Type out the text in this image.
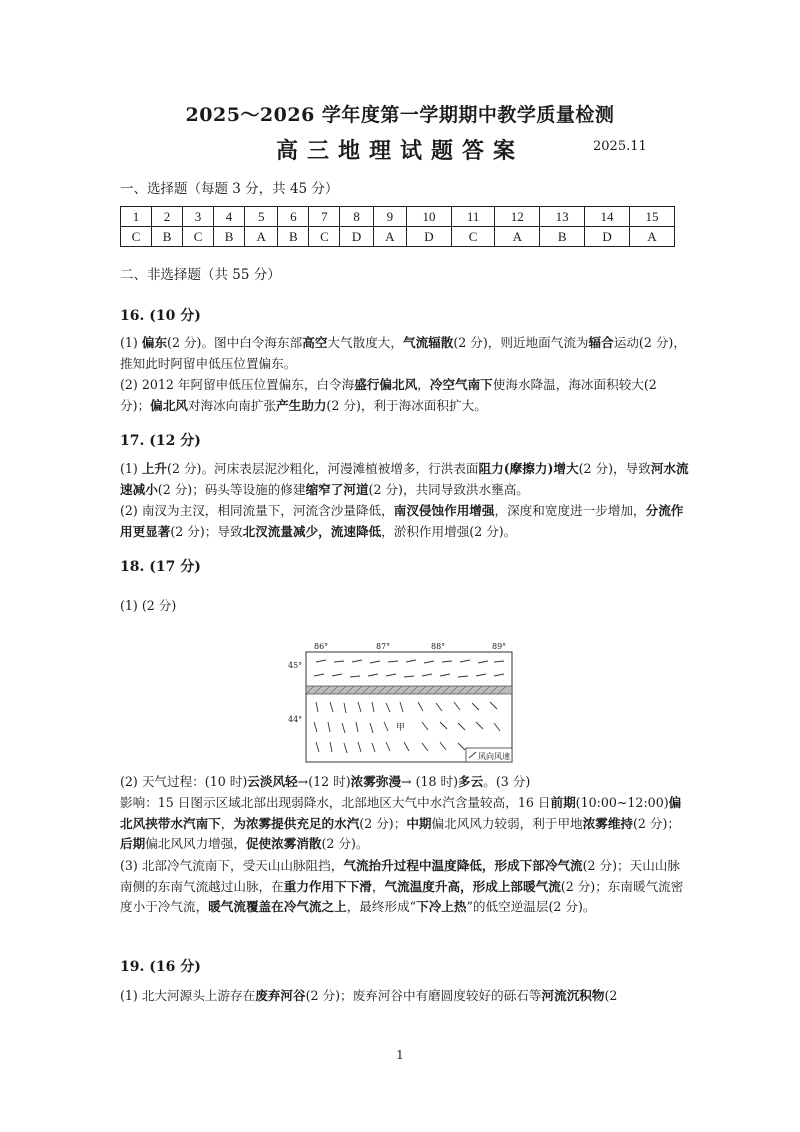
2025～2026 学年度第一学期期中教学质量检测
高三地理试题答案	2025.11
一、选择题（每题 3 分，共 45 分）
1	2	3	4	5	6	7	8	9	10	11	12	13	14	15
C	B	C	B	A	B	C	D	A	D	C	A	B	D	A
二、非选择题（共 55 分）
16. (10 分)
(1) 偏东(2 分)。图中白令海东部高空大气散度大，气流辐散(2 分)，则近地面气流为辐合运动(2 分)，推知此时阿留申低压位置偏东。
(2) 2012 年阿留申低压位置偏东，白令海盛行偏北风，冷空气南下使海水降温，海冰面积较大(2 分)；偏北风对海冰向南扩张产生助力(2 分)，利于海冰面积扩大。
17. (12 分)
(1) 上升(2 分)。河床表层泥沙粗化，河漫滩植被增多，行洪表面阻力(摩擦力)增大(2 分)，导致河水流速减小(2 分)；码头等设施的修建缩窄了河道(2 分)，共同导致洪水壅高。
(2) 南汊为主汊，相同流量下，河流含沙量降低，南汊侵蚀作用增强，深度和宽度进一步增加，分流作用更显著(2 分)；导致北汊流量减少，流速降低，淤积作用增强(2 分)。
18. (17 分)
(1) (2 分)
86°	87°	88°	89°
45°
44°
甲
风向风速
(2) 天气过程：(10 时)云淡风轻→(12 时)浓雾弥漫→ (18 时)多云。(3 分)
影响：15 日图示区域北部出现弱降水，北部地区大气中水汽含量较高，16 日前期(10:00~12:00)偏北风挟带水汽南下，为浓雾提供充足的水汽(2 分)；中期偏北风风力较弱，利于甲地浓雾维持(2 分)；后期偏北风风力增强，促使浓雾消散(2 分)。
(3) 北部冷气流南下，受天山山脉阻挡，气流抬升过程中温度降低，形成下部冷气流(2 分)；天山山脉南侧的东南气流越过山脉，在重力作用下下滑，气流温度升高，形成上部暖气流(2 分)；东南暖气流密度小于冷气流，暖气流覆盖在冷气流之上，最终形成“下冷上热”的低空逆温层(2 分)。
19. (16 分)
(1) 北大河源头上游存在废弃河谷(2 分)；废弃河谷中有磨圆度较好的砾石等河流沉积物(2
1
